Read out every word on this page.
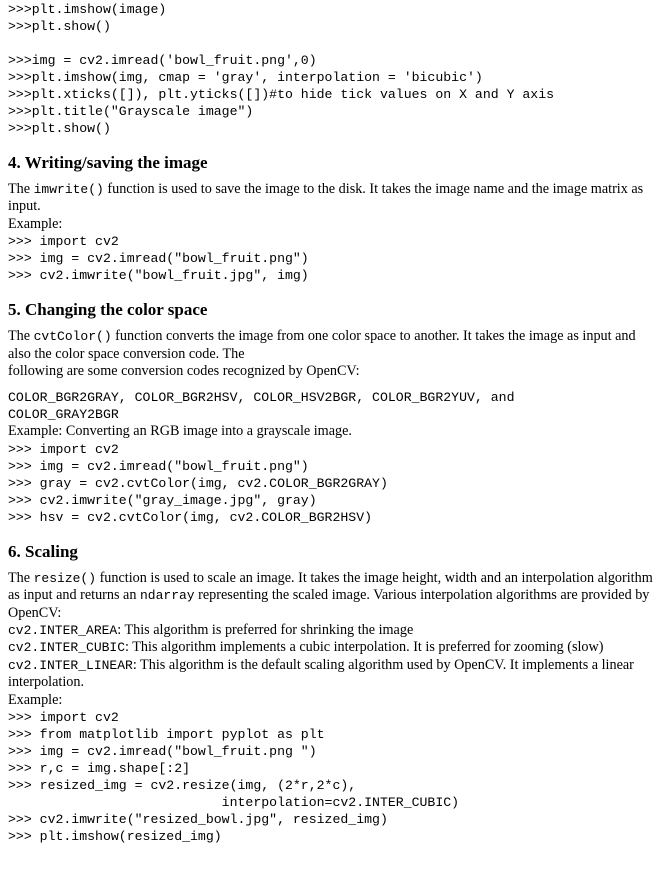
>>>plt.imshow(image)
>>>plt.show()
>>>img = cv2.imread('bowl_fruit.png',0)
>>>plt.imshow(img, cmap = 'gray', interpolation = 'bicubic')
>>>plt.xticks([]), plt.yticks([])#to hide tick values on X and Y axis
>>>plt.title("Grayscale image")
>>>plt.show()
4. Writing/saving the image

The imwrite() function is used to save the image to the disk. It takes the image name and the image matrix as input.

Example:

>>> import cv2
>>> img = cv2.imread("bowl_fruit.png")
>>> cv2.imwrite("bowl_fruit.jpg", img)
5. Changing the color space

The cvtColor() function converts the image from one color space to another. It takes the image as input and also the color space conversion code. The

following are some conversion codes recognized by OpenCV:

COLOR_BGR2GRAY, COLOR_BGR2HSV, COLOR_HSV2BGR, COLOR_BGR2YUV, and
COLOR_GRAY2BGR

Example: Converting an RGB image into a grayscale image.

>>> import cv2
>>> img = cv2.imread("bowl_fruit.png")
>>> gray = cv2.cvtColor(img, cv2.COLOR_BGR2GRAY)
>>> cv2.imwrite("gray_image.jpg", gray)
>>> hsv = cv2.cvtColor(img, cv2.COLOR_BGR2HSV)
6. Scaling

The resize() function is used to scale an image. It takes the image height, width and an interpolation algorithm as input and returns an ndarray representing the scaled image. Various interpolation algorithms are provided by OpenCV:

cv2.INTER_AREA: This algorithm is preferred for shrinking the image

cv2.INTER_CUBIC: This algorithm implements a cubic interpolation. It is preferred for zooming (slow)

cv2.INTER_LINEAR: This algorithm is the default scaling algorithm used by OpenCV. It implements a linear interpolation.

Example:

>>> import cv2
>>> from matplotlib import pyplot as plt
>>> img = cv2.imread("bowl_fruit.png ")
>>> r,c = img.shape[:2]
>>> resized_img = cv2.resize(img, (2*r,2*c),
interpolation=cv2.INTER_CUBIC)
>>> cv2.imwrite("resized_bowl.jpg", resized_img)
>>> plt.imshow(resized_img)
